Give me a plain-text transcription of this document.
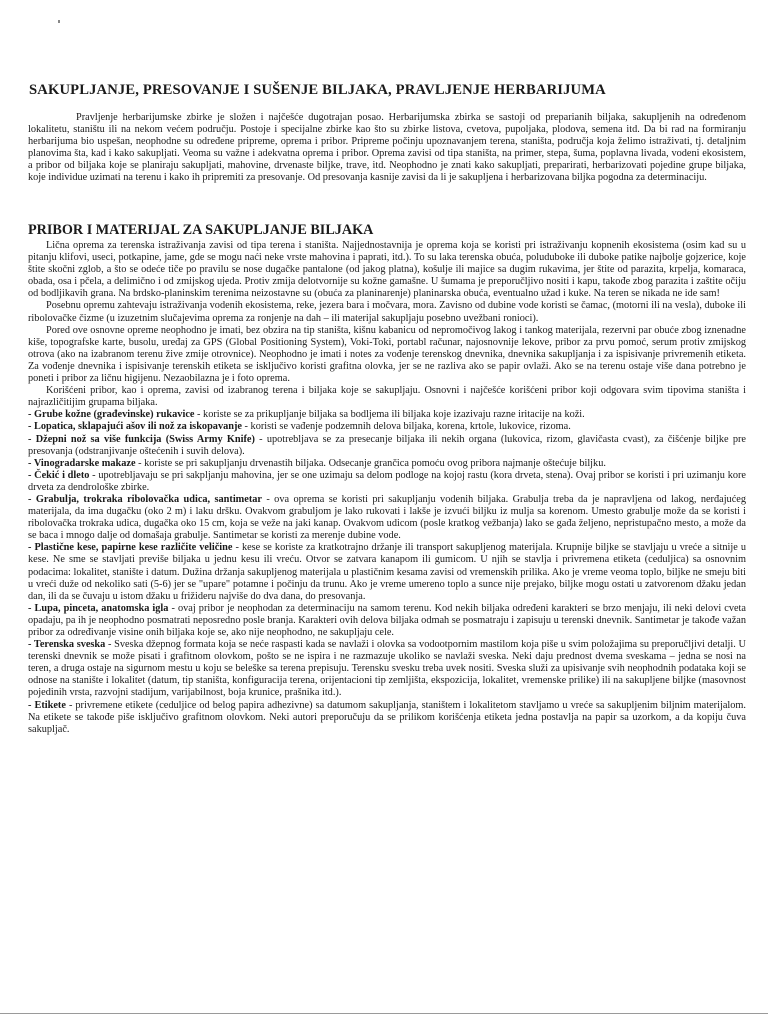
SAKUPLJANJE, PRESOVANJE I SUŠENJE BILJAKA, PRAVLJENJE HERBARIJUMA

Pravljenje herbarijumske zbirke je složen i najčešće dugotrajan posao. Herbarijumska zbirka se sastoji od preparianih biljaka, sakupljenih na određenom lokalitetu, staništu ili na nekom većem području. Postoje i specijalne zbirke kao što su zbirke listova, cvetova, pupoljaka, plodova, semena itd. Da bi rad na formiranju herbarijuma bio uspešan, neophodne su određene pripreme, oprema i pribor. Pripreme počinju upoznavanjem terena, staništa, područja koja želimo istraživati, tj. detaljnim planovima šta, kad i kako sakupljati. Veoma su važne i adekvatna oprema i pribor. Oprema zavisi od tipa staništa, na primer, stepa, šuma, poplavna livada, vodeni ekosistem, a pribor od biljaka koje se planiraju sakupljati, mahovine, drvenaste biljke, trave, itd. Neophodno je znati kako sakupljati, preparirati, herbarizovati pojedine grupe biljaka, koje individue uzimati na terenu i kako ih pripremiti za presovanje. Od presovanja kasnije zavisi da li je sakupljena i herbarizovana biljka pogodna za determinaciju.

PRIBOR I MATERIJAL ZA SAKUPLJANJE BILJAKA

Lična oprema za terenska istraživanja zavisi od tipa terena i staništa. Najjednostavnija je oprema koja se koristi pri istraživanju kopnenih ekosistema (osim kad su u pitanju klifovi, useci, potkapine, jame, gde se mogu naći neke vrste mahovina i paprati, itd.). To su laka terenska obuća, poluduboke ili duboke patike najbolje gojzerice, koje štite skočni zglob, a što se odeće tiče po pravilu se nose dugačke pantalone (od jakog platna), košulje ili majice sa dugim rukavima, jer štite od parazita, krpelja, komaraca, obada, osa i pčela, a delimično i od zmijskog ujeda. Protiv zmija delotvornije su kožne gamašne. U šumama je preporučljivo nositi i kapu, takođe zbog parazita i zaštite očiju od bodljikavih grana. Na brdsko-planinskim terenima neizostavne su (obuća za planinarenje) planinarska obuća, eventualno užad i kuke. Na teren se nikada ne ide sam!

Posebnu opremu zahtevaju istraživanja vodenih ekosistema, reke, jezera bara i močvara, mora. Zavisno od dubine vode koristi se čamac, (motorni ili na vesla), duboke ili ribolovačke čizme (u izuzetnim slučajevima oprema za ronjenje na dah – ili materijal sakupljaju posebno uvežbani ronioci).

Pored ove osnovne opreme neophodno je imati, bez obzira na tip staništa, kišnu kabanicu od nepromočivog lakog i tankog materijala, rezervni par obuće zbog iznenadne kiše, topografske karte, busolu, uređaj za GPS (Global Positioning System), Voki-Toki, portabl računar, najosnovnije lekove, pribor za prvu pomoć, serum protiv zmijskog otrova (ako na izabranom terenu žive zmije otrovnice). Neophodno je imati i notes za vođenje terenskog dnevnika, dnevnika sakupljanja i za ispisivanje privremenih etiketa. Za vođenje dnevnika i ispisivanje terenskih etiketa se isključivo koristi grafitna olovka, jer se ne razliva ako se papir ovlaži. Ako se na terenu ostaje više dana potrebno je poneti i pribor za ličnu higijenu. Nezaobilazna je i foto oprema.

Korišćeni pribor, kao i oprema, zavisi od izabranog terena i biljaka koje se sakupljaju. Osnovni i najčešće korišćeni pribor koji odgovara svim tipovima staništa i najrazličitijim grupama biljaka.

- Grube kožne (građevinske) rukavice - koriste se za prikupljanje biljaka sa bodljema ili biljaka koje izazivaju razne iritacije na koži.

- Lopatica, sklapajući ašov ili nož za iskopavanje - koristi se vađenje podzemnih delova biljaka, korena, krtole, lukovice, rizoma.

- Džepni nož sa više funkcija (Swiss Army Knife) - upotrebljava se za presecanje biljaka ili nekih organa (lukovica, rizom, glavičasta cvast), za čišćenje biljke pre presovanja (odstranjivanje oštećenih i suvih delova).

- Vinogradarske makaze - koriste se pri sakupljanju drvenastih biljaka. Odsecanje grančica pomoću ovog pribora najmanje oštećuje biljku.

- Čekić i dleto - upotrebljavaju se pri sakpljanju mahovina, jer se one uzimaju sa delom podloge na kojoj rastu (kora drveta, stena). Ovaj pribor se koristi i pri uzimanju kore drveta za dendrološke zbirke.

- Grabulja, trokraka ribolovačka udica, santimetar - ova oprema se koristi pri sakupljanju vodenih biljaka. Grabulja treba da je napravljena od lakog, nerđajućeg materijala, da ima dugačku (oko 2 m) i laku dršku. Ovakvom grabuljom je lako rukovati i lakše je izvući biljku iz mulja sa korenom. Umesto grabulje može da se koristi i ribolovačka trokraka udica, dugačka oko 15 cm, koja se veže na jaki kanap. Ovakvom udicom (posle kratkog vežbanja) lako se gađa željeno, nepristupačno mesto, a može da se baca i mnogo dalje od domašaja grabulje. Santimetar se koristi za merenje dubine vode.

- Plastične kese, papirne kese različite veličine - kese se koriste za kratkotrajno držanje ili transport sakupljenog materijala. Krupnije biljke se stavljaju u vreće a sitnije u kese. Ne sme se stavljati previše biljaka u jednu kesu ili vreću. Otvor se zatvara kanapom ili gumicom. U njih se stavlja i privremena etiketa (ceduljica) sa osnovnim podacima: lokalitet, stanište i datum. Dužina držanja sakupljenog materijala u plastičnim kesama zavisi od vremenskih prilika. Ako je vreme veoma toplo, biljke ne smeju biti u vreći duže od nekoliko sati (5-6) jer se "upare" potamne i počinju da trunu. Ako je vreme umereno toplo a sunce nije prejako, biljke mogu ostati u zatvorenom džaku jedan dan, ili da se čuvaju u istom džaku u frižideru najviše do dva dana, do presovanja.

- Lupa, pinceta, anatomska igla - ovaj pribor je neophodan za determinaciju na samom terenu. Kod nekih biljaka određeni karakteri se brzo menjaju, ili neki delovi cveta opadaju, pa ih je neophodno posmatrati neposredno posle branja. Karakteri ovih delova biljaka odmah se posmatraju i zapisuju u terenski dnevnik. Santimetar je takođe važan pribor za određivanje visine onih biljaka koje se, ako nije neophodno, ne sakupljaju cele.

- Terenska sveska - Sveska džepnog formata koja se neće raspasti kada se navlaži i olovka sa vodootpornim mastilom koja piše u svim položajima su preporučljivi detalji. U terenski dnevnik se može pisati i grafitnom olovkom, pošto se ne ispira i ne razmazuje ukoliko se navlaži sveska. Neki daju prednost dvema sveskama – jedna se nosi na teren, a druga ostaje na sigurnom mestu u koju se beleške sa terena prepisuju. Terensku svesku treba uvek nositi. Sveska služi za upisivanje svih neophodnih podataka koji se odnose na stanište i lokalitet (datum, tip staništa, konfiguracija terena, orijentacioni tip zemljišta, ekspozicija, lokalitet, vremenske prilike) ili na sakupljene biljke (masovnost pojedinih vrsta, razvojni stadijum, varijabilnost, boja krunice, prašnika itd.).

- Etikete - privremene etikete (ceduljice od belog papira adhezivne) sa datumom sakupljanja, staništem i lokalitetom stavljamo u vreće sa sakupljenim biljnim materijalom. Na etikete se takođe piše isključivo grafitnom olovkom. Neki autori preporučuju da se prilikom korišćenja etiketa jedna postavlja na papir sa uzorkom, a da kopiju čuva sakupljač.
